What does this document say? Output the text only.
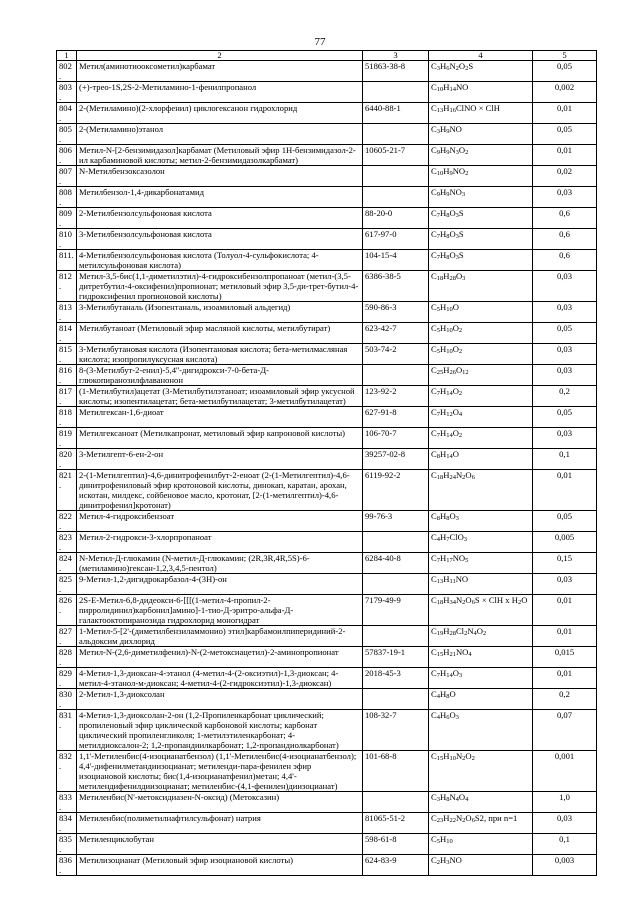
77
1	2	3	4	5
802.	Метил(аминотиооксометил)карбамат	51863-38-8	$C_3H_6N_2O_2S$	0,05
803.	(+)-трео-1S,2S-2-Метиламино-1-фенилпропанол		$C_{10}H_{14}NO$	0,002
804.	2-(Метиламино)(2-хлорфенил) циклогексанон гидрохлорид	6440-88-1	$C_{13}H_{16}ClNO$ × ClH	0,01
805.	2-(Метиламино)этанол		$C_3H_9NO$	0,05
806.	Метил-N-[2-бензимидазол]карбамат (Метиловый эфир 1Н-бензимидазол-2-ил карбаминовой кислоты; метил-2-бензимидазолкарбамат)	10605-21-7	$C_9H_9N_3O_2$	0,01
807.	N-Метилбензоксазолон		$C_{10}H_9NO_2$	0,02
808.	Метилбензол-1,4-дикарбонатамид		$C_9H_9NO_3$	0,03
809.	2-Метилбензолсульфоновая кислота	88-20-0	$C_7H_8O_3S$	0,6
810.	3-Метилбензолсульфоновая кислота	617-97-0	$C_7H_8O_3S$	0,6
811.	4-Метилбензолсульфоновая кислота (Толуол-4-сульфокислота; 4-метилсульфоновая кислота)	104-15-4	$C_7H_8O_3S$	0,6
812.	Метил-3,5-бис(1,1-диметилэтил)-4-гидроксибензолпропаноат (метил-(3,5-дитретбутил-4-оксифенил)пропионат; метиловый эфир 3,5-ди-трет-бутил-4-гидроксифенил пропионовой кислоты)	6386-38-5	$C_{18}H_{28}O_3$	0,03
813.	3-Метилбутаналь (Изопентаналь, изоамиловый альдегид)	590-86-3	$C_5H_{10}O$	0,03
814.	Метилбутаноат (Метиловый эфир масляной кислоты, метилбутират)	623-42-7	$C_5H_{10}O_2$	0,05
815.	3-Метилбутановая кислота (Изопентановая кислота; бета-метилмасляная кислота; изопропилуксусная кислота)	503-74-2	$C_5H_{10}O_2$	0,03
816.	8-(3-Метилбут-2-енил)-5,4''-дигидрокси-7-0-бета-Д-глюкопиранозилфлаванонон		$C_{25}H_{26}O_{12}$	0,03
817.	(1-Метилбутил)ацетат (3-Метилбутилэтаноат; изоамиловый эфир уксусной кислоты; изопентилацетат; бета-метилбутилацетат; 3-метилбутилацетат)	123-92-2	$C_7H_{14}O_2$	0,2
818.	Метилгексан-1,6-диоат	627-91-8	$C_7H_{12}O_4$	0,05
819.	Метилгексаноат (Метилкапронат, метиловый эфир капроновой кислоты)	106-70-7	$C_7H_{14}O_2$	0,03
820.	3-Метилгепт-6-ен-2-он	39257-02-8	$C_8H_{14}O$	0,1
821.	2-(1-Метилгептил)-4,6-динитрофенилбут-2-еноат (2-(1-Метилгептил)-4,6-динитрофениловый эфир кротоновой кислоты, динокап, каратан, арохан, искотан, милдекс, сойбеновое масло, кротонат, [2-(1-метилгептил)-4,6-динитрофенил]кротонат)	6119-92-2	$C_{18}H_{24}N_2O_6$	0,01
822.	Метил-4-гидроксибензоат	99-76-3	$C_8H_8O_3$	0,05
823.	Метил-2-гидрокси-3-хлорпропаноат		$C_4H_7ClO_3$	0,005
824.	N-Метил-Д-глюкамин (N-метил-Д-глюкамин; (2R,3R,4R,5S)-6-(метиламино)гексан-1,2,3,4,5-пентол)	6284-40-8	$C_7H_{17}NO_5$	0,15
825.	9-Метил-1,2-дигидрокарбазол-4-(3Н)-он		$C_{13}H_{11}NO$	0,03
826.	2S-Е-Метил-6,8-дидеокси-6-[[[(1-метил-4-пропил-2-пирролидинил)карбонил]амино]-1-тио-Д-эритро-альфа-Д-галактооктопиранозида гидрохлорид моногидрат	7179-49-9	$C_{18}H_{34}N_2O_6S$ × ClH x $H_2O$	0,01
827.	1-Метил-5-[2'-(диметилбензиламмонио) этил]карбамоилпиперидиний-2-альдоксим дихлорид		$C_{19}H_{28}Cl_2N_4O_2$	0,01
828.	Метил-N-(2,6-диметилфенил)-N-(2-метоксиацетил)-2-аминопропионат	57837-19-1	$C_{15}H_{21}NO_4$	0,015
829.	4-Метил-1,3-диоксан-4-этанол (4-метил-4-(2-оксиэтил)-1,3-диоксан; 4-метил-4-этанол-м-диоксан; 4-метил-4-(2-гидроксиэтил)-1,3-диоксан)	2018-45-3	$C_7H_{14}O_3$	0,01
830.	2-Метил-1,3-диоксолан		$C_4H_8O$	0,2
831.	4-Метил-1,3-диоксолан-2-он (1,2-Пропиленкарбонат циклический; пропиленовый эфир циклической карбоновой кислоты; карбонат циклический пропиленгликоля; 1-метилэтиленкарбонат; 4-метилдиоксалон-2; 1,2-пропандиилкарбонат; 1,2-пропандиолкарбонат)	108-32-7	$C_4H_6O_3$	0,07
832.	1,1'-Метиленбис(4-изоцианатбензол) (1,1'-Метиленбис(4-изоцианатбензол); 4,4'-дифенилметандиизоцианат; метиленди-пара-фенилен эфир изоциановой кислоты; бис(1,4-изоцианатфенил)метан; 4,4'-метилендифенилдиизоцианат; метиленбис-(4,1-фенилен)диизоцианат)	101-68-8	$C_{15}H_{10}N_2O_2$	0,001
833.	Метиленбис(N'-метоксидиазен-N-оксид) (Метоксазин)		$C_3H_8N_4O_4$	1,0
834.	Метиленбис(полиметилнафтилсульфонат) натрия	81065-51-2	$C_{23}H_{22}N_2O_6S2$, при n=1	0,03
835.	Метиленциклобутан	598-61-8	$C_5H_{10}$	0,1
836.	Метилизоцианат (Метиловый эфир изоциановой кислоты)	624-83-9	$C_2H_3NO$	0,003
